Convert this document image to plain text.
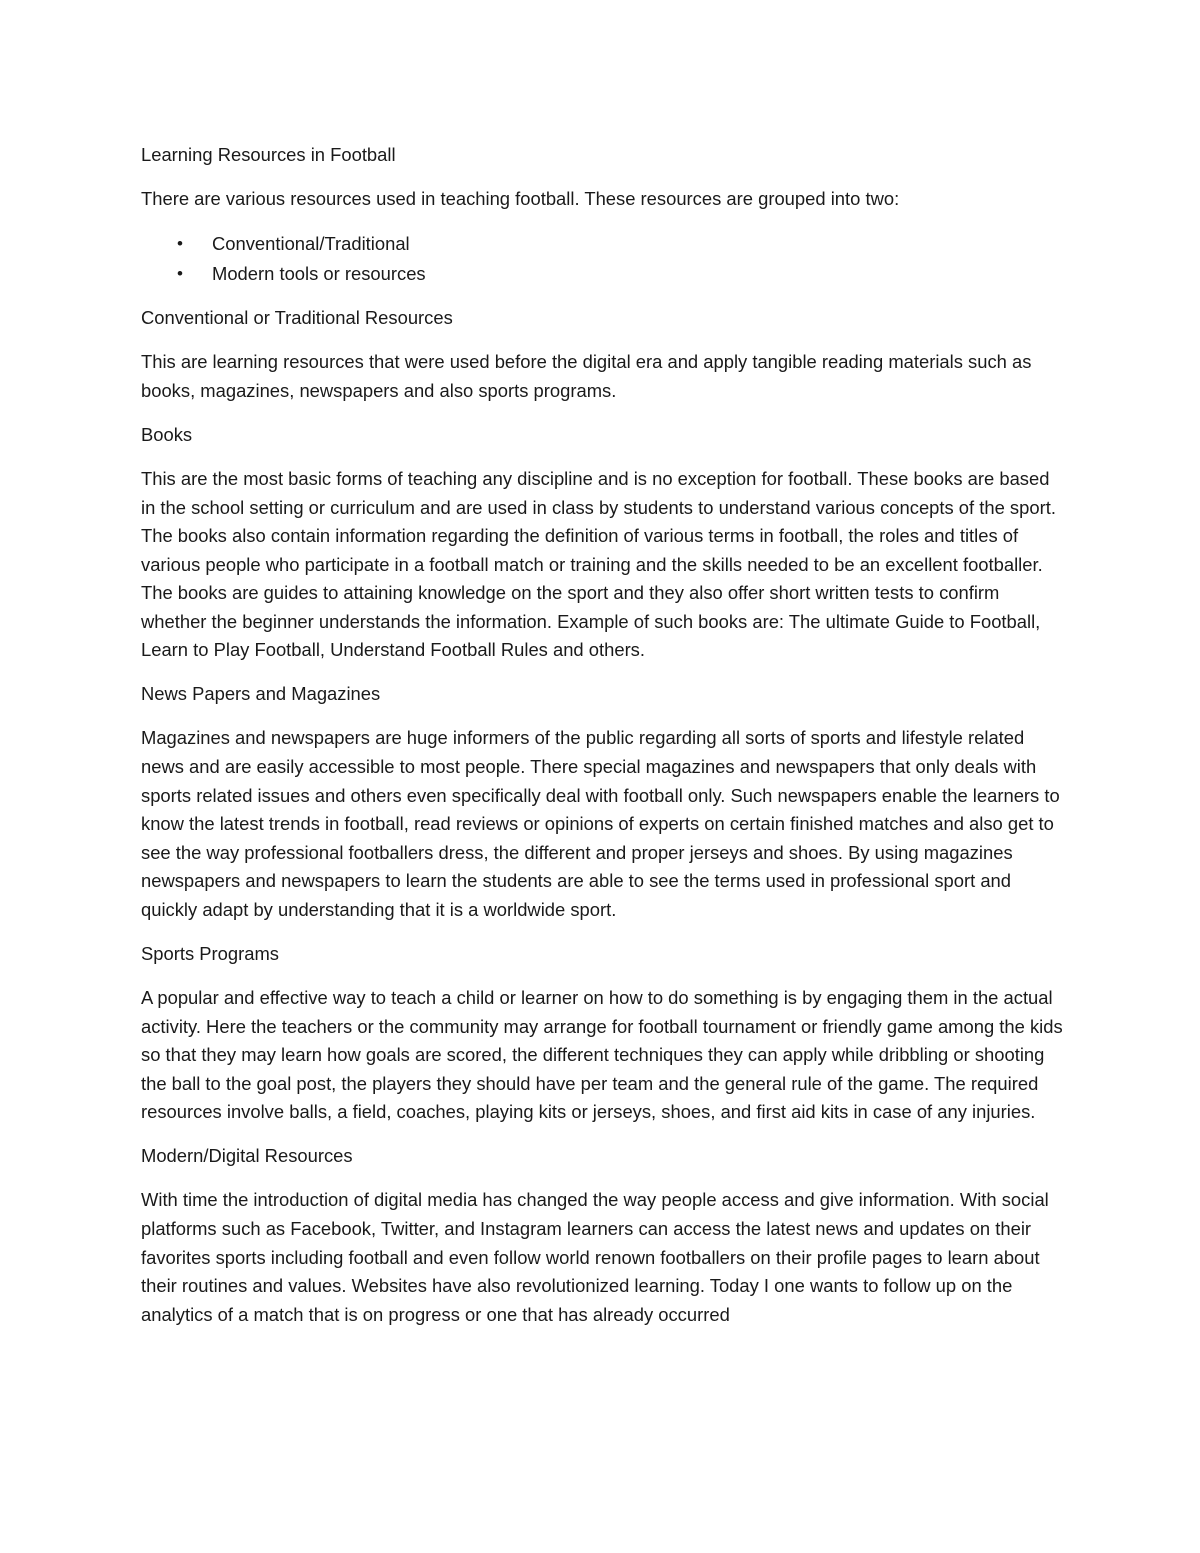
Learning Resources in Football

There are various resources used in teaching football. These resources are grouped into two:

• Conventional/Traditional
• Modern tools or resources

Conventional or Traditional Resources

This are learning resources that were used before the digital era and apply tangible reading materials such as books, magazines, newspapers and also sports programs.

Books

This are the most basic forms of teaching any discipline and is no exception for football. These books are based in the school setting or curriculum and are used in class by students to understand various concepts of the sport. The books also contain information regarding the definition of various terms in football, the roles and titles of various people who participate in a football match or training and the skills needed to be an excellent footballer. The books are guides to attaining knowledge on the sport and they also offer short written tests to confirm whether the beginner understands the information. Example of such books are: The ultimate Guide to Football, Learn to Play Football, Understand Football Rules and others.

News Papers and Magazines

Magazines and newspapers are huge informers of the public regarding all sorts of sports and lifestyle related news and are easily accessible to most people. There special magazines and newspapers that only deals with sports related issues and others even specifically deal with football only. Such newspapers enable the learners to know the latest trends in football, read reviews or opinions of experts on certain finished matches and also get to see the way professional footballers dress, the different and proper jerseys and shoes. By using magazines newspapers and newspapers to learn the students are able to see the terms used in professional sport and quickly adapt by understanding that it is a worldwide sport.

Sports Programs

A popular and effective way to teach a child or learner on how to do something is by engaging them in the actual activity. Here the teachers or the community may arrange for football tournament or friendly game among the kids so that they may learn how goals are scored, the different techniques they can apply while dribbling or shooting the ball to the goal post, the players they should have per team and the general rule of the game. The required resources involve balls, a field, coaches, playing kits or jerseys, shoes, and first aid kits in case of any injuries.

Modern/Digital Resources

With time the introduction of digital media has changed the way people access and give information. With social platforms such as Facebook, Twitter, and Instagram learners can access the latest news and updates on their favorites sports including football and even follow world renown footballers on their profile pages to learn about their routines and values. Websites have also revolutionized learning. Today I one wants to follow up on the analytics of a match that is on progress or one that has already occurred
